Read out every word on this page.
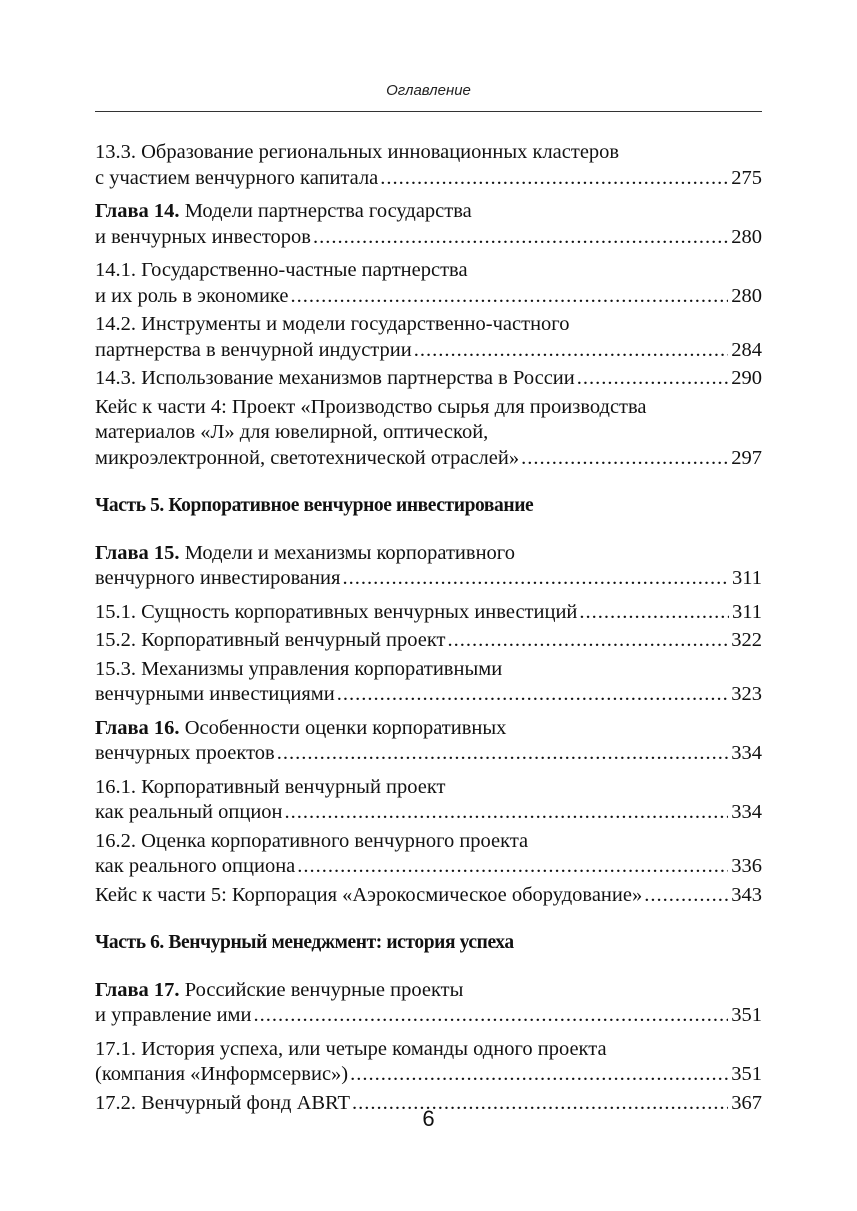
Оглавление
13.3. Образование региональных инновационных кластеров
с участием венчурного капитала .....	275
Глава 14. Модели партнерства государства
и венчурных инвесторов .....	280
14.1. Государственно-частные партнерства
и их роль в экономике .....	280
14.2. Инструменты и модели государственно-частного
партнерства в венчурной индустрии .....	284
14.3. Использование механизмов партнерства в России .....	290
Кейс к части 4: Проект «Производство сырья для производства
материалов «Л» для ювелирной, оптической,
микроэлектронной, светотехнической отраслей» .....	297
Часть 5. Корпоративное венчурное инвестирование
Глава 15. Модели и механизмы корпоративного
венчурного инвестирования .....	311
15.1. Сущность корпоративных венчурных инвестиций .....	311
15.2. Корпоративный венчурный проект .....	322
15.3. Механизмы управления корпоративными
венчурными инвестициями .....	323
Глава 16. Особенности оценки корпоративных
венчурных проектов .....	334
16.1. Корпоративный венчурный проект
как реальный опцион .....	334
16.2. Оценка корпоративного венчурного проекта
как реального опциона .....	336
Кейс к части 5: Корпорация «Аэрокосмическое оборудование» .....	343
Часть 6. Венчурный менеджмент: история успеха
Глава 17. Российские венчурные проекты
и управление ими .....	351
17.1. История успеха, или четыре команды одного проекта
(компания «Информсервис») .....	351
17.2. Венчурный фонд ABRT .....	367
6
